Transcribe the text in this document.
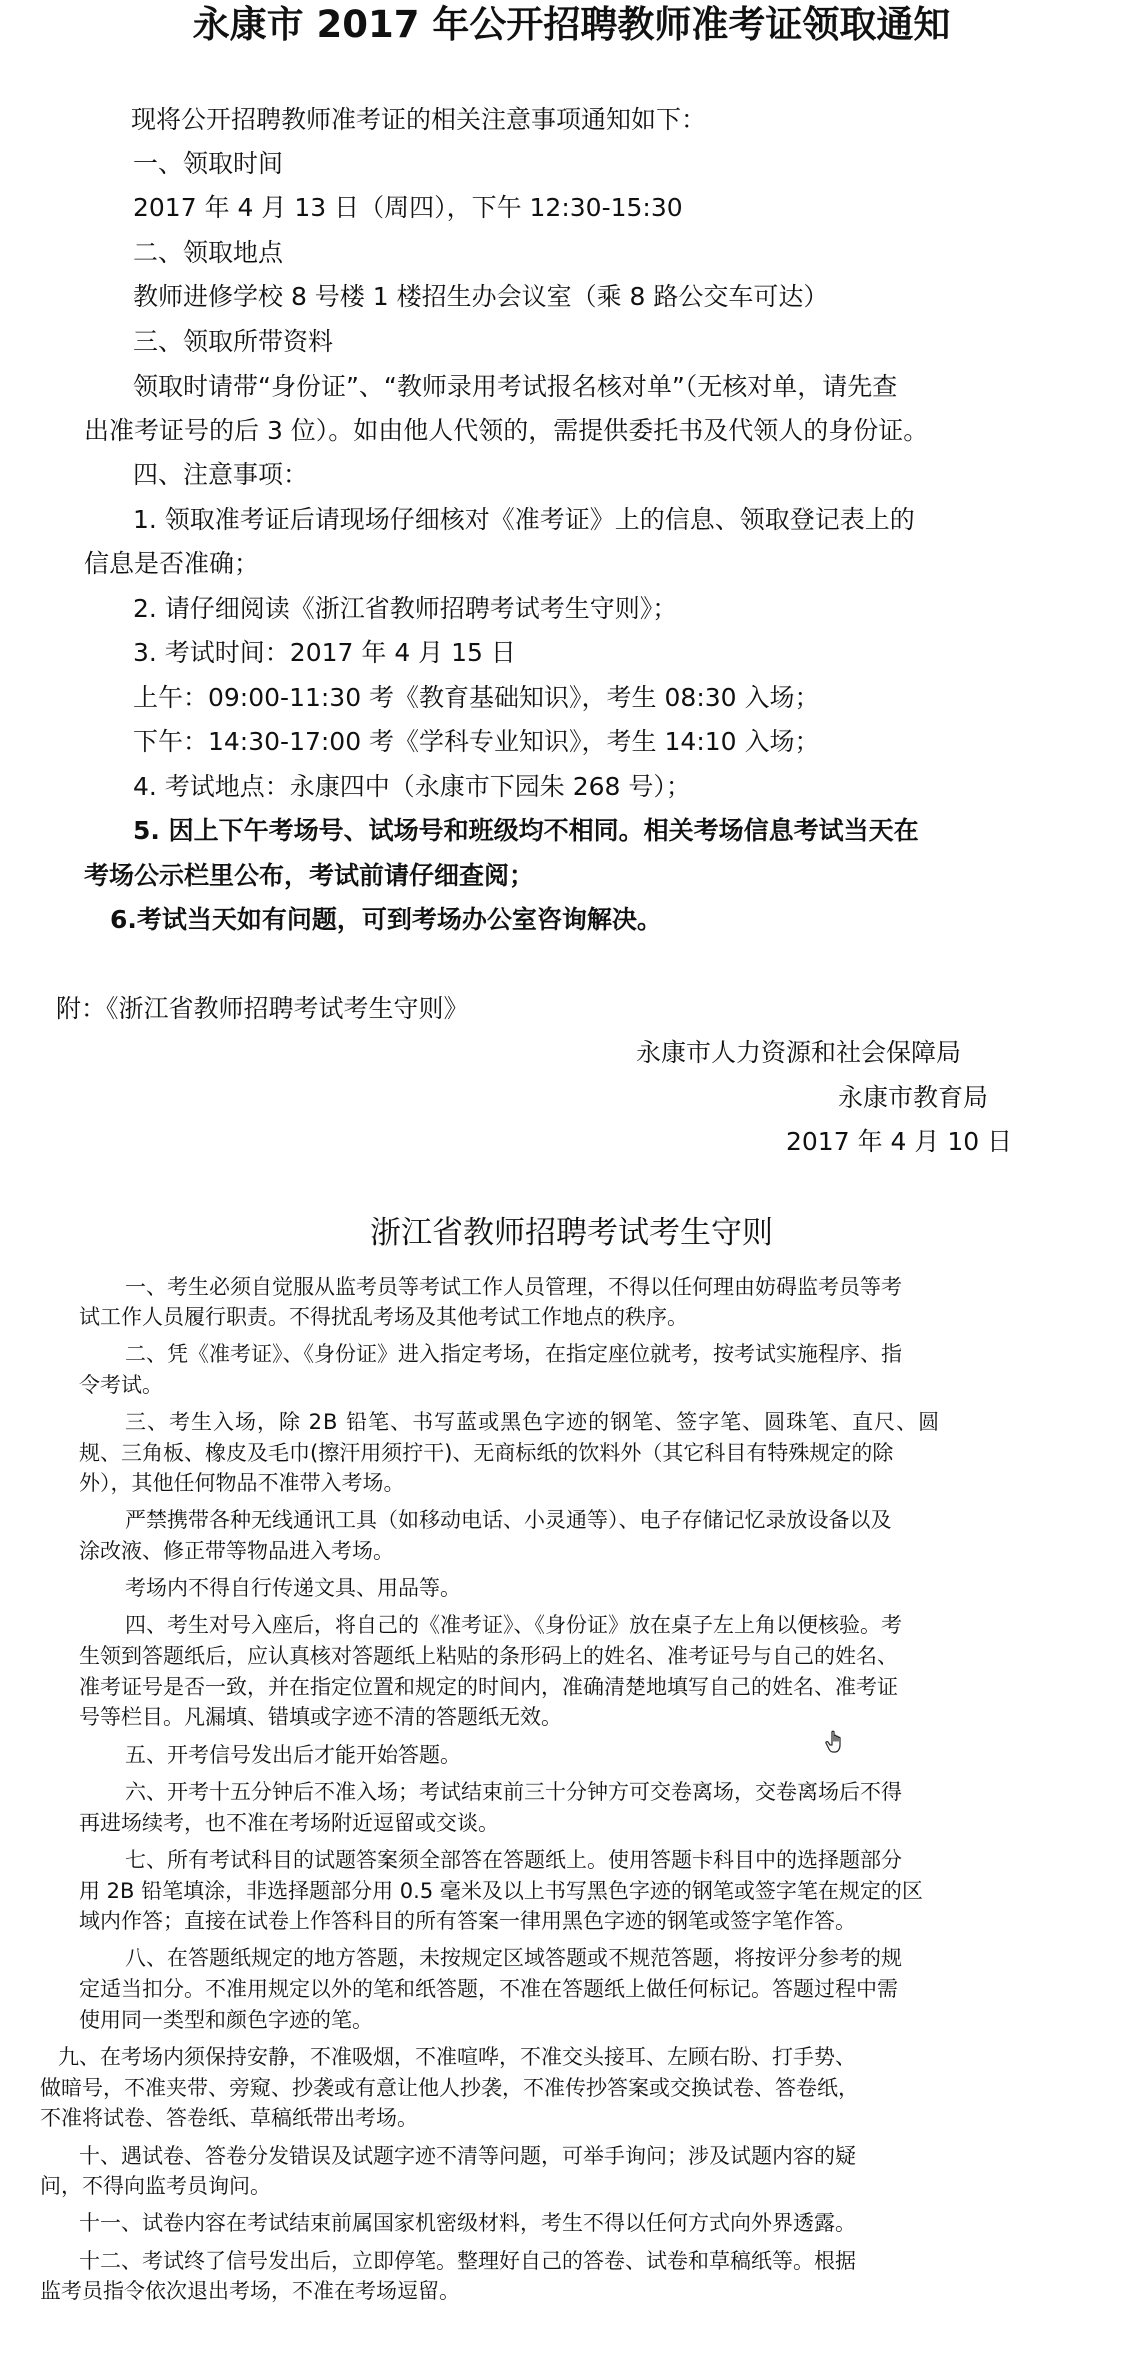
永康市 2017 年公开招聘教师准考证领取通知
现将公开招聘教师准考证的相关注意事项通知如下：
一、领取时间
2017 年 4 月 13 日（周四），下午 12:30-15:30
二、领取地点
教师进修学校 8 号楼 1 楼招生办会议室（乘 8 路公交车可达）
三、领取所带资料
领取时请带“身份证”、“教师录用考试报名核对单”（无核对单，请先查
出准考证号的后 3 位）。如由他人代领的，需提供委托书及代领人的身份证。
四、注意事项：
1. 领取准考证后请现场仔细核对《准考证》上的信息、领取登记表上的
信息是否准确；
2. 请仔细阅读《浙江省教师招聘考试考生守则》；
3. 考试时间：2017 年 4 月 15 日
上午：09:00-11:30 考《教育基础知识》，考生 08:30 入场；
下午：14:30-17:00 考《学科专业知识》，考生 14:10 入场；
4. 考试地点：永康四中（永康市下园朱 268 号）；
5. 因上下午考场号、试场号和班级均不相同。相关考场信息考试当天在
考场公示栏里公布，考试前请仔细查阅；
6.考试当天如有问题，可到考场办公室咨询解决。
附：《浙江省教师招聘考试考生守则》
永康市人力资源和社会保障局
永康市教育局
2017 年 4 月 10 日
浙江省教师招聘考试考生守则
一、考生必须自觉服从监考员等考试工作人员管理，不得以任何理由妨碍监考员等考
试工作人员履行职责。不得扰乱考场及其他考试工作地点的秩序。
二、凭《准考证》、《身份证》进入指定考场，在指定座位就考，按考试实施程序、指
令考试。
三、考生入场，除 2B 铅笔、书写蓝或黑色字迹的钢笔、签字笔、圆珠笔、直尺、圆
规、三角板、橡皮及毛巾(擦汗用须拧干)、无商标纸的饮料外（其它科目有特殊规定的除
外），其他任何物品不准带入考场。
严禁携带各种无线通讯工具（如移动电话、小灵通等）、电子存储记忆录放设备以及
涂改液、修正带等物品进入考场。
考场内不得自行传递文具、用品等。
四、考生对号入座后，将自己的《准考证》、《身份证》放在桌子左上角以便核验。考
生领到答题纸后，应认真核对答题纸上粘贴的条形码上的姓名、准考证号与自己的姓名、
准考证号是否一致，并在指定位置和规定的时间内，准确清楚地填写自己的姓名、准考证
号等栏目。凡漏填、错填或字迹不清的答题纸无效。
五、开考信号发出后才能开始答题。
六、开考十五分钟后不准入场；考试结束前三十分钟方可交卷离场，交卷离场后不得
再进场续考，也不准在考场附近逗留或交谈。
七、所有考试科目的试题答案须全部答在答题纸上。使用答题卡科目中的选择题部分
用 2B 铅笔填涂，非选择题部分用 0.5 毫米及以上书写黑色字迹的钢笔或签字笔在规定的区
域内作答；直接在试卷上作答科目的所有答案一律用黑色字迹的钢笔或签字笔作答。
八、在答题纸规定的地方答题，未按规定区域答题或不规范答题，将按评分参考的规
定适当扣分。不准用规定以外的笔和纸答题，不准在答题纸上做任何标记。答题过程中需
使用同一类型和颜色字迹的笔。
九、在考场内须保持安静，不准吸烟，不准喧哗，不准交头接耳、左顾右盼、打手势、
做暗号，不准夹带、旁窥、抄袭或有意让他人抄袭，不准传抄答案或交换试卷、答卷纸，
不准将试卷、答卷纸、草稿纸带出考场。
十、遇试卷、答卷分发错误及试题字迹不清等问题，可举手询问；涉及试题内容的疑
问，不得向监考员询问。
十一、试卷内容在考试结束前属国家机密级材料，考生不得以任何方式向外界透露。
十二、考试终了信号发出后，立即停笔。整理好自己的答卷、试卷和草稿纸等。根据
监考员指令依次退出考场，不准在考场逗留。
